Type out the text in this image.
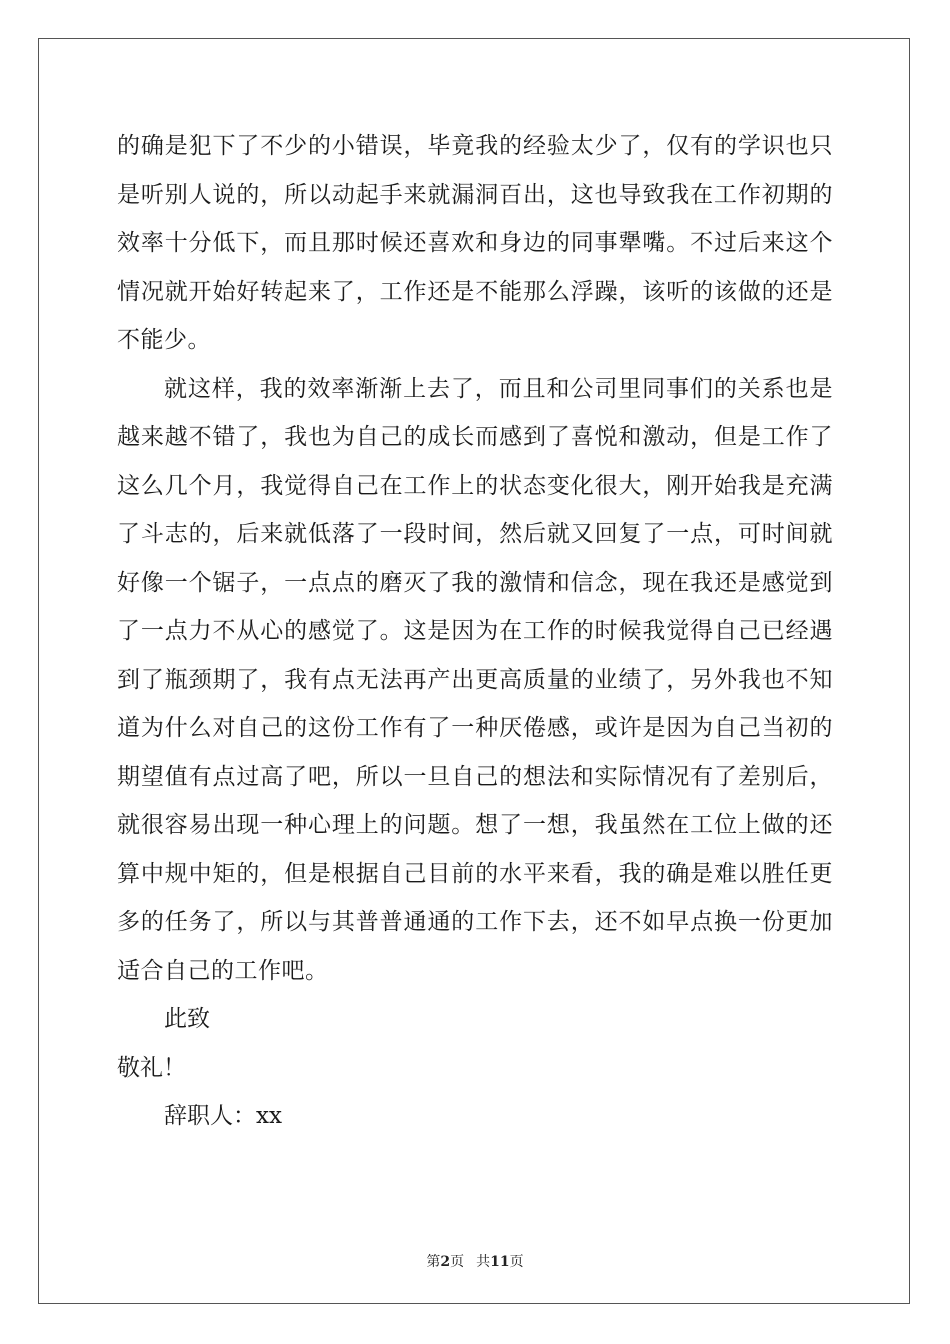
的确是犯下了不少的小错误，毕竟我的经验太少了，仅有的学识也只是听别人说的，所以动起手来就漏洞百出，这也导致我在工作初期的效率十分低下，而且那时候还喜欢和身边的同事犟嘴。不过后来这个情况就开始好转起来了，工作还是不能那么浮躁，该听的该做的还是不能少。

就这样，我的效率渐渐上去了，而且和公司里同事们的关系也是越来越不错了，我也为自己的成长而感到了喜悦和激动，但是工作了这么几个月，我觉得自己在工作上的状态变化很大，刚开始我是充满了斗志的，后来就低落了一段时间，然后就又回复了一点，可时间就好像一个锯子，一点点的磨灭了我的激情和信念，现在我还是感觉到了一点力不从心的感觉了。这是因为在工作的时候我觉得自己已经遇到了瓶颈期了，我有点无法再产出更高质量的业绩了，另外我也不知道为什么对自己的这份工作有了一种厌倦感，或许是因为自己当初的期望值有点过高了吧，所以一旦自己的想法和实际情况有了差别后，就很容易出现一种心理上的问题。想了一想，我虽然在工位上做的还算中规中矩的，但是根据自己目前的水平来看，我的确是难以胜任更多的任务了，所以与其普普通通的工作下去，还不如早点换一份更加适合自己的工作吧。

此致

敬礼！

辞职人：xx

第2页 共11页
